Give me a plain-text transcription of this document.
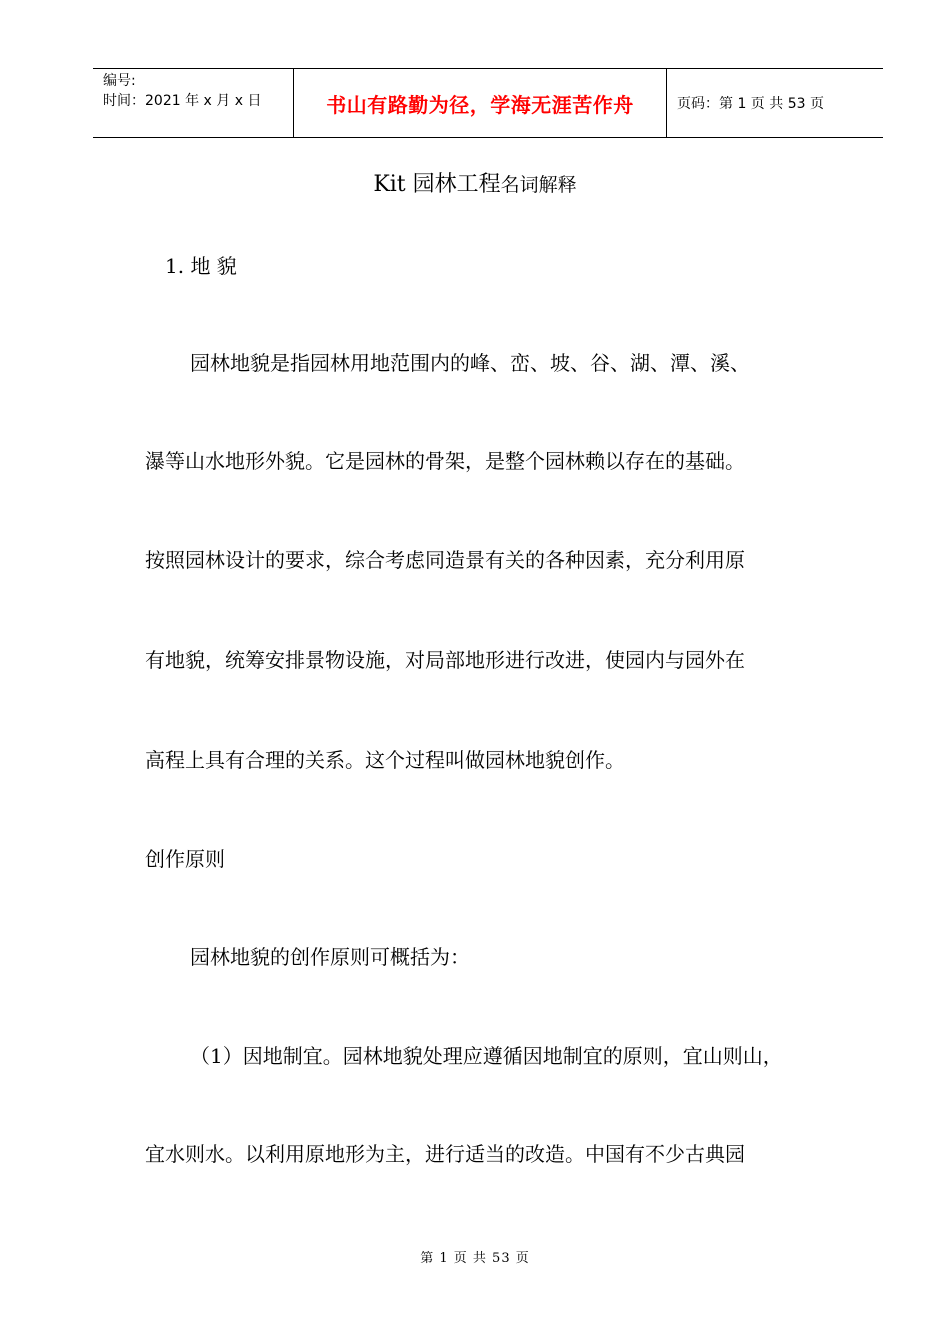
编号:
时间：2021 年 x 月 x 日	书山有路勤为径，学海无涯苦作舟	页码：第 1 页 共 53 页
Kit 园林工程名词解释
1. 地 貌
园林地貌是指园林用地范围内的峰、峦、坡、谷、湖、潭、溪、
瀑等山水地形外貌。它是园林的骨架，是整个园林赖以存在的基础。
按照园林设计的要求，综合考虑同造景有关的各种因素，充分利用原
有地貌，统筹安排景物设施，对局部地形进行改进，使园内与园外在
高程上具有合理的关系。这个过程叫做园林地貌创作。
创作原则
园林地貌的创作原则可概括为：
（1）因地制宜。园林地貌处理应遵循因地制宜的原则，宜山则山，
宜水则水。以利用原地形为主，进行适当的改造。中国有不少古典园
第 1 页 共 53 页
